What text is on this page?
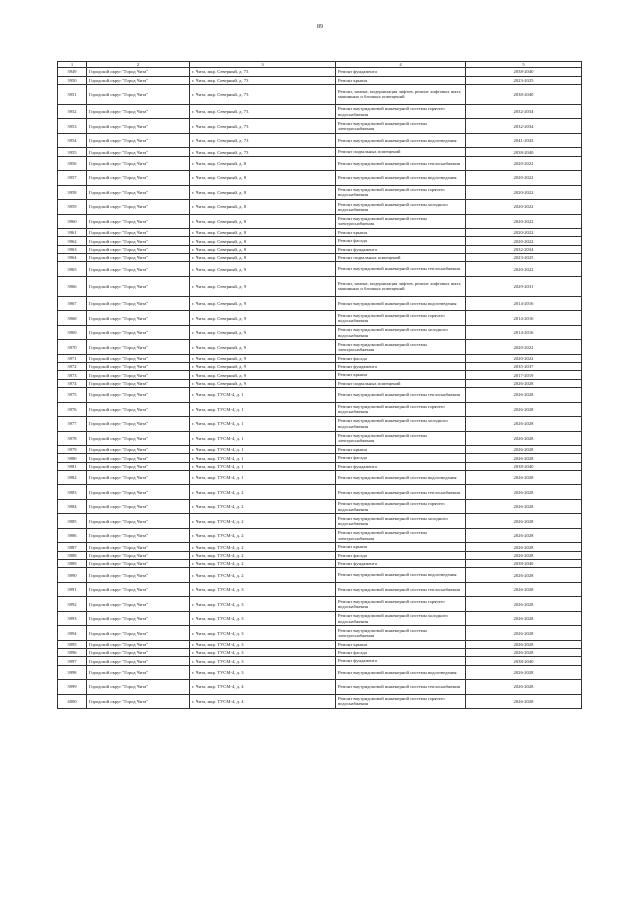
89
1	2	3	4	5
3949	Городской округ "Город Чита"	г. Чита, мкр. Северный, д. 73	Ремонт фундамента	2038-2040
3950	Городской округ "Город Чита"	г. Чита, мкр. Северный, д. 73	Ремонт крыши	2023-2025
3951	Городской округ "Город Чита"	г. Чита, мкр. Северный, д. 73	Ремонт, замена, модернизация лифтов, ремонт лифтовых шахт, машинных и блочных помещений	2038-2040
3952	Городской округ "Город Чита"	г. Чита, мкр. Северный, д. 73	Ремонт внутридомовой инженерной системы горячего водоснабжения	2032-2034
3953	Городской округ "Город Чита"	г. Чита, мкр. Северный, д. 73	Ремонт внутридомовой инженерной системы электроснабжения	2032-2034
3954	Городской округ "Город Чита"	г. Чита, мкр. Северный, д. 73	Ремонт внутридомовой инженерной системы водоотведения	2041-2043
3955	Городской округ "Город Чита"	г. Чита, мкр. Северный, д. 73	Ремонт подвальных помещений	2038-2040
3956	Городской округ "Город Чита"	г. Чита, мкр. Северный, д. 8	Ремонт внутридомовой инженерной системы теплоснабжения	2020-2022
3957	Городской округ "Город Чита"	г. Чита, мкр. Северный, д. 8	Ремонт внутридомовой инженерной системы водоотведения	2020-2022
3958	Городской округ "Город Чита"	г. Чита, мкр. Северный, д. 8	Ремонт внутридомовой инженерной системы горячего водоснабжения	2020-2022
3959	Городской округ "Город Чита"	г. Чита, мкр. Северный, д. 8	Ремонт внутридомовой инженерной системы холодного водоснабжения	2020-2022
3960	Городской округ "Город Чита"	г. Чита, мкр. Северный, д. 8	Ремонт внутридомовой инженерной системы электроснабжения	2020-2022
3961	Городской округ "Город Чита"	г. Чита, мкр. Северный, д. 8	Ремонт крыши	2020-2022
3962	Городской округ "Город Чита"	г. Чита, мкр. Северный, д. 8	Ремонт фасада	2020-2022
3963	Городской округ "Город Чита"	г. Чита, мкр. Северный, д. 8	Ремонт фундамента	2032-2034
3964	Городской округ "Город Чита"	г. Чита, мкр. Северный, д. 8	Ремонт подвальных помещений	2023-2025
3965	Городской округ "Город Чита"	г. Чита, мкр. Северный, д. 9	Ремонт внутридомовой инженерной системы теплоснабжения	2020-2022
3966	Городской округ "Город Чита"	г. Чита, мкр. Северный, д. 9	Ремонт, замена, модернизация лифтов, ремонт лифтовых шахт, машинных и блочных помещений	2029-2031
3967	Городской округ "Город Чита"	г. Чита, мкр. Северный, д. 9	Ремонт внутридомовой инженерной системы водоотведения	2014-2016
3968	Городской округ "Город Чита"	г. Чита, мкр. Северный, д. 9	Ремонт внутридомовой инженерной системы горячего водоснабжения	2014-2016
3969	Городской округ "Город Чита"	г. Чита, мкр. Северный, д. 9	Ремонт внутридомовой инженерной системы холодного водоснабжения	2014-2016
3970	Городской округ "Город Чита"	г. Чита, мкр. Северный, д. 9	Ремонт внутридомовой инженерной системы электроснабжения	2020-2022
3971	Городской округ "Город Чита"	г. Чита, мкр. Северный, д. 9	Ремонт фасада	2020-2022
3972	Городской округ "Город Чита"	г. Чита, мкр. Северный, д. 9	Ремонт фундамента	2035-2037
3973	Городской округ "Город Чита"	г. Чита, мкр. Северный, д. 9	Ремонт крыши	2017-2019
3974	Городской округ "Город Чита"	г. Чита, мкр. Северный, д. 9	Ремонт подвальных помещений	2026-2028
3975	Городской округ "Город Чита"	г. Чита, мкр. ТУСМ-4, д. 1	Ремонт внутридомовой инженерной системы теплоснабжения	2026-2028
3976	Городской округ "Город Чита"	г. Чита, мкр. ТУСМ-4, д. 1	Ремонт внутридомовой инженерной системы горячего водоснабжения	2026-2028
3977	Городской округ "Город Чита"	г. Чита, мкр. ТУСМ-4, д. 1	Ремонт внутридомовой инженерной системы холодного водоснабжения	2026-2028
3978	Городской округ "Город Чита"	г. Чита, мкр. ТУСМ-4, д. 1	Ремонт внутридомовой инженерной системы электроснабжения	2026-2028
3979	Городской округ "Город Чита"	г. Чита, мкр. ТУСМ-4, д. 1	Ремонт крыши	2026-2028
3980	Городской округ "Город Чита"	г. Чита, мкр. ТУСМ-4, д. 1	Ремонт фасада	2026-2028
3981	Городской округ "Город Чита"	г. Чита, мкр. ТУСМ-4, д. 1	Ремонт фундамента	2038-2040
3982	Городской округ "Город Чита"	г. Чита, мкр. ТУСМ-4, д. 1	Ремонт внутридомовой инженерной системы водоотведения	2026-2028
3983	Городской округ "Город Чита"	г. Чита, мкр. ТУСМ-4, д. 2	Ремонт внутридомовой инженерной системы теплоснабжения	2026-2028
3984	Городской округ "Город Чита"	г. Чита, мкр. ТУСМ-4, д. 2	Ремонт внутридомовой инженерной системы горячего водоснабжения	2026-2028
3985	Городской округ "Город Чита"	г. Чита, мкр. ТУСМ-4, д. 2	Ремонт внутридомовой инженерной системы холодного водоснабжения	2026-2028
3986	Городской округ "Город Чита"	г. Чита, мкр. ТУСМ-4, д. 2	Ремонт внутридомовой инженерной системы электроснабжения	2026-2028
3987	Городской округ "Город Чита"	г. Чита, мкр. ТУСМ-4, д. 2	Ремонт крыши	2026-2028
3988	Городской округ "Город Чита"	г. Чита, мкр. ТУСМ-4, д. 2	Ремонт фасада	2026-2028
3989	Городской округ "Город Чита"	г. Чита, мкр. ТУСМ-4, д. 2	Ремонт фундамента	2038-2040
3990	Городской округ "Город Чита"	г. Чита, мкр. ТУСМ-4, д. 2	Ремонт внутридомовой инженерной системы водоотведения	2026-2028
3991	Городской округ "Город Чита"	г. Чита, мкр. ТУСМ-4, д. 3	Ремонт внутридомовой инженерной системы теплоснабжения	2026-2028
3992	Городской округ "Город Чита"	г. Чита, мкр. ТУСМ-4, д. 3	Ремонт внутридомовой инженерной системы горячего водоснабжения	2026-2028
3993	Городской округ "Город Чита"	г. Чита, мкр. ТУСМ-4, д. 3	Ремонт внутридомовой инженерной системы холодного водоснабжения	2026-2028
3994	Городской округ "Город Чита"	г. Чита, мкр. ТУСМ-4, д. 3	Ремонт внутридомовой инженерной системы электроснабжения	2026-2028
3995	Городской округ "Город Чита"	г. Чита, мкр. ТУСМ-4, д. 3	Ремонт крыши	2026-2028
3996	Городской округ "Город Чита"	г. Чита, мкр. ТУСМ-4, д. 3	Ремонт фасада	2026-2028
3997	Городской округ "Город Чита"	г. Чита, мкр. ТУСМ-4, д. 3	Ремонт фундамента	2038-2040
3998	Городской округ "Город Чита"	г. Чита, мкр. ТУСМ-4, д. 3	Ремонт внутридомовой инженерной системы водоотведения	2026-2028
3999	Городской округ "Город Чита"	г. Чита, мкр. ТУСМ-4, д. 4	Ремонт внутридомовой инженерной системы теплоснабжения	2026-2028
4000	Городской округ "Город Чита"	г. Чита, мкр. ТУСМ-4, д. 4	Ремонт внутридомовой инженерной системы горячего водоснабжения	2026-2028
